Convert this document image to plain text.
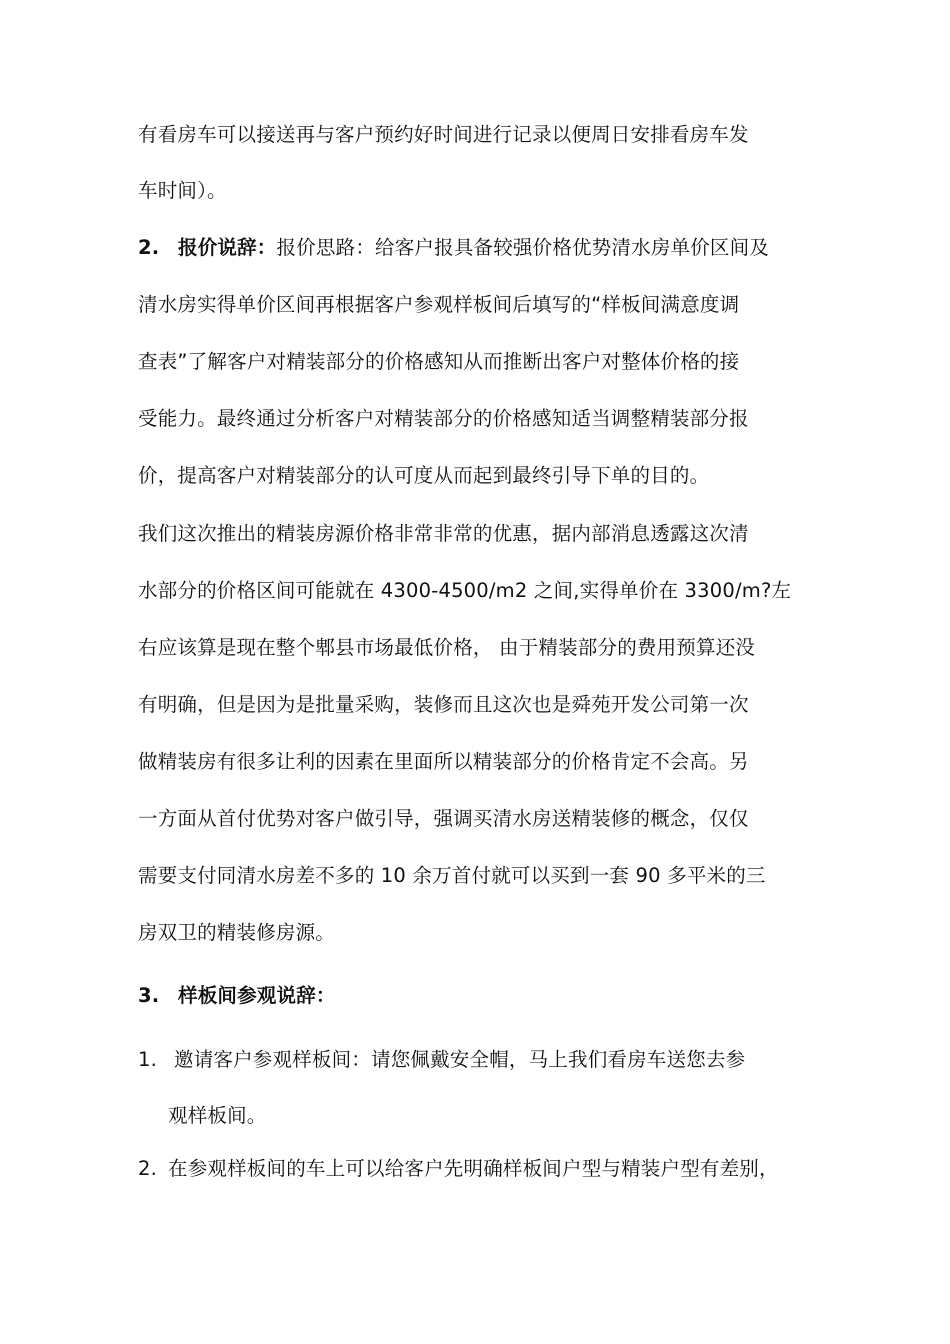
有看房车可以接送再与客户预约好时间进行记录以便周日安排看房车发
车时间）。
2. 报价说辞：报价思路：给客户报具备较强价格优势清水房单价区间及
清水房实得单价区间再根据客户参观样板间后填写的“样板间满意度调
查表”了解客户对精装部分的价格感知从而推断出客户对整体价格的接
受能力。最终通过分析客户对精装部分的价格感知适当调整精装部分报
价，提高客户对精装部分的认可度从而起到最终引导下单的目的。
我们这次推出的精装房源价格非常非常的优惠，据内部消息透露这次清
水部分的价格区间可能就在 4300-4500/m2 之间,实得单价在 3300/m?左
右应该算是现在整个郫县市场最低价格， 由于精装部分的费用预算还没
有明确，但是因为是批量采购，装修而且这次也是舜苑开发公司第一次
做精装房有很多让利的因素在里面所以精装部分的价格肯定不会高。另
一方面从首付优势对客户做引导，强调买清水房送精装修的概念，仅仅
需要支付同清水房差不多的 10 余万首付就可以买到一套 90 多平米的三
房双卫的精装修房源。
3. 样板间参观说辞：
1. 邀请客户参观样板间：请您佩戴安全帽，马上我们看房车送您去参
观样板间。
2. 在参观样板间的车上可以给客户先明确样板间户型与精装户型有差别，
